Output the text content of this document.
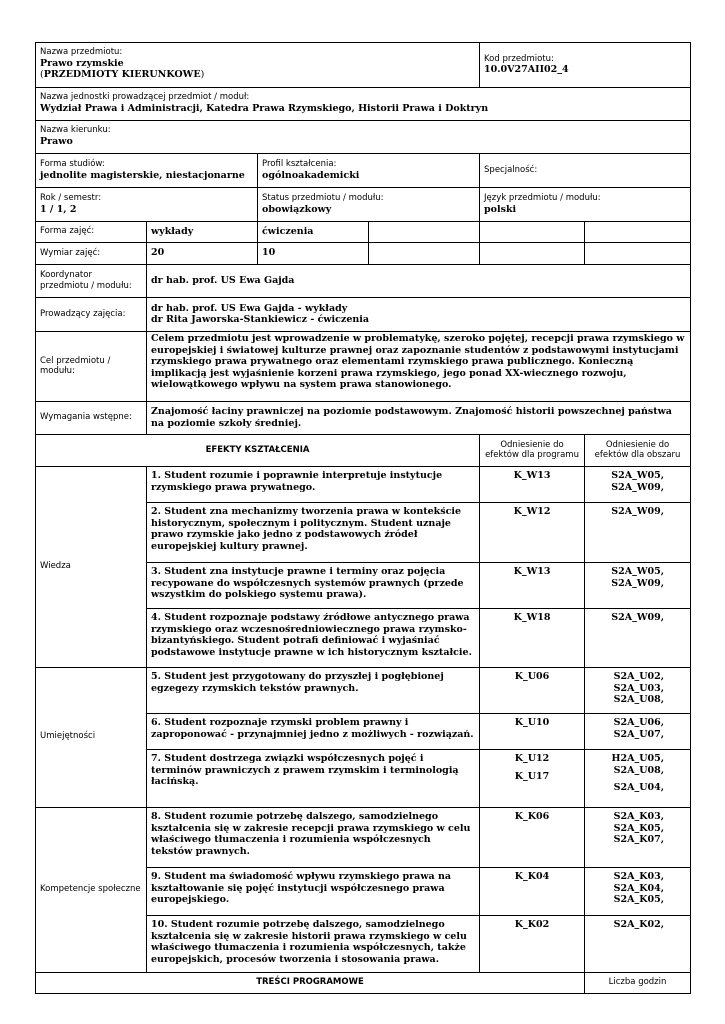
Nazwa przedmiotu:
Prawo rzymskie
(PRZEDMIOTY KIERUNKOWE)				Kod przedmiotu:
10.0V27AII02_4	

Nazwa jednostki prowadzącej przedmiot / moduł:
Wydział Prawa i Administracji, Katedra Prawa Rzymskiego, Historii Prawa i Doktryn					

Nazwa kierunku:
Prawo					

Forma studiów:
jednolite magisterskie, niestacjonarne		Profil kształcenia:
ogólnoakademicki		Specjalność:	

Rok / semestr:
1 / 1, 2		Status przedmiotu / modułu:
obowiązkowy		Język przedmiotu / modułu:
polski	

Forma zajęć:	wykłady	ćwiczenia			
Wymiar zajęć:	20	10			
Koordynator przedmiotu / modułu:	dr hab. prof. US Ewa Gajda				
Prowadzący zajęcia:	dr hab. prof. US Ewa Gajda - wykłady
dr Rita Jaworska-Stankiewicz - ćwiczenia				

Cel przedmiotu / modułu:	Celem przedmiotu jest wprowadzenie w problematykę, szeroko pojętej, recepcji prawa rzymskiego w europejskiej i światowej kulturze prawnej oraz zapoznanie studentów z podstawowymi instytucjami rzymskiego prawa prywatnego oraz elementami rzymskiego prawa publicznego. Konieczną implikacją jest wyjaśnienie korzeni prawa rzymskiego, jego ponad XX-wiecznego rozwoju, wielowątkowego wpływu na system prawa stanowionego.				
Wymagania wstępne:	Znajomość łaciny prawniczej na poziomie podstawowym. Znajomość historii powszechnej państwa na poziomie szkoły średniej.				
EFEKTY KSZTAŁCENIA				Odniesienie do efektów dla programu	Odniesienie do efektów dla obszaru
Wiedza	1. Student rozumie i poprawnie interpretuje instytucje rzymskiego prawa prywatnego.			K_W13	S2A_W05,
S2A_W09,

	2. Student zna mechanizmy tworzenia prawa w kontekście historycznym, społecznym i politycznym. Student uznaje prawo rzymskie jako jedno z podstawowych źródeł europejskiej kultury prawnej.			K_W12	S2A_W09,

	3. Student zna instytucje prawne i terminy oraz pojęcia recypowane do współczesnych systemów prawnych (przede wszystkim do polskiego systemu prawa).			K_W13	S2A_W05,
S2A_W09,

	4. Student rozpoznaje podstawy źródłowe antycznego prawa rzymskiego oraz wczesnośredniowiecznego prawa rzymsko-bizantyńskiego. Student potrafi definiować i wyjaśniać podstawowe instytucje prawne w ich historycznym kształcie.			K_W18	S2A_W09,

Umiejętności	5. Student jest przygotowany do przyszłej i pogłębionej egzegezy rzymskich tekstów prawnych.			K_U06	S2A_U02,
S2A_U03,
S2A_U08,

	6. Student rozpoznaje rzymski problem prawny i zaproponować - przynajmniej jedno z możliwych - rozwiązań.			K_U10	S2A_U06,
S2A_U07,

	7. Student dostrzega związki współczesnych pojęć i terminów prawniczych z prawem rzymskim i terminologią łacińską.			K_U12
K_U17	H2A_U05,
S2A_U08,
S2A_U04,

Kompetencje społeczne	8. Student rozumie potrzebę dalszego, samodzielnego kształcenia się w zakresie recepcji prawa rzymskiego w celu właściwego tłumaczenia i rozumienia współczesnych tekstów prawnych.			K_K06	S2A_K03,
S2A_K05,
S2A_K07,

	9. Student ma świadomość wpływu rzymskiego prawa na kształtowanie się pojęć instytucji współczesnego prawa europejskiego.			K_K04	S2A_K03,
S2A_K04,
S2A_K05,

	10. Student rozumie potrzebę dalszego, samodzielnego kształcenia się w zakresie historii prawa rzymskiego w celu właściwego tłumaczenia i rozumienia współczesnych, także europejskich, procesów tworzenia i stosowania prawa.			K_K02	S2A_K02,

TREŚCI PROGRAMOWE					Liczba godzin
